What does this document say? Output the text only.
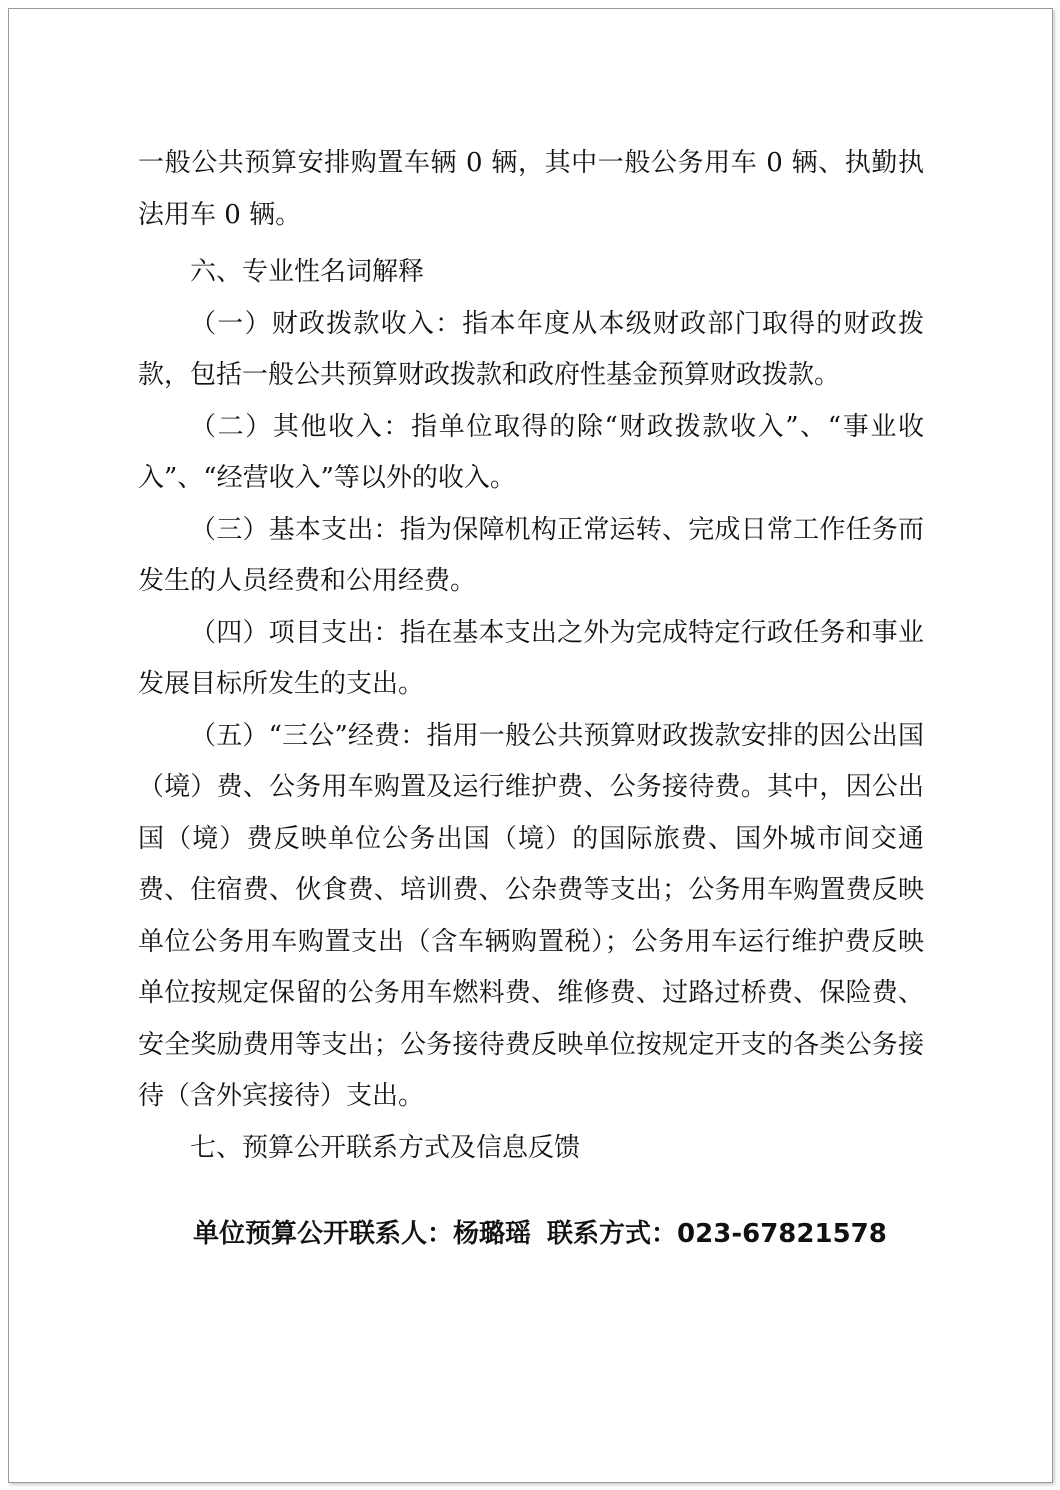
一般公共预算安排购置车辆 0 辆，其中一般公务用车 0 辆、执勤执法用车 0 辆。

六、专业性名词解释

（一）财政拨款收入：指本年度从本级财政部门取得的财政拨款，包括一般公共预算财政拨款和政府性基金预算财政拨款。

（二）其他收入：指单位取得的除“财政拨款收入”、“事业收入”、“经营收入”等以外的收入。

（三）基本支出：指为保障机构正常运转、完成日常工作任务而发生的人员经费和公用经费。

（四）项目支出：指在基本支出之外为完成特定行政任务和事业发展目标所发生的支出。

（五）“三公”经费：指用一般公共预算财政拨款安排的因公出国（境）费、公务用车购置及运行维护费、公务接待费。其中，因公出国（境）费反映单位公务出国（境）的国际旅费、国外城市间交通费、住宿费、伙食费、培训费、公杂费等支出；公务用车购置费反映单位公务用车购置支出（含车辆购置税）；公务用车运行维护费反映单位按规定保留的公务用车燃料费、维修费、过路过桥费、保险费、安全奖励费用等支出；公务接待费反映单位按规定开支的各类公务接待（含外宾接待）支出。

七、预算公开联系方式及信息反馈

单位预算公开联系人：杨璐瑶 联系方式：023-67821578
